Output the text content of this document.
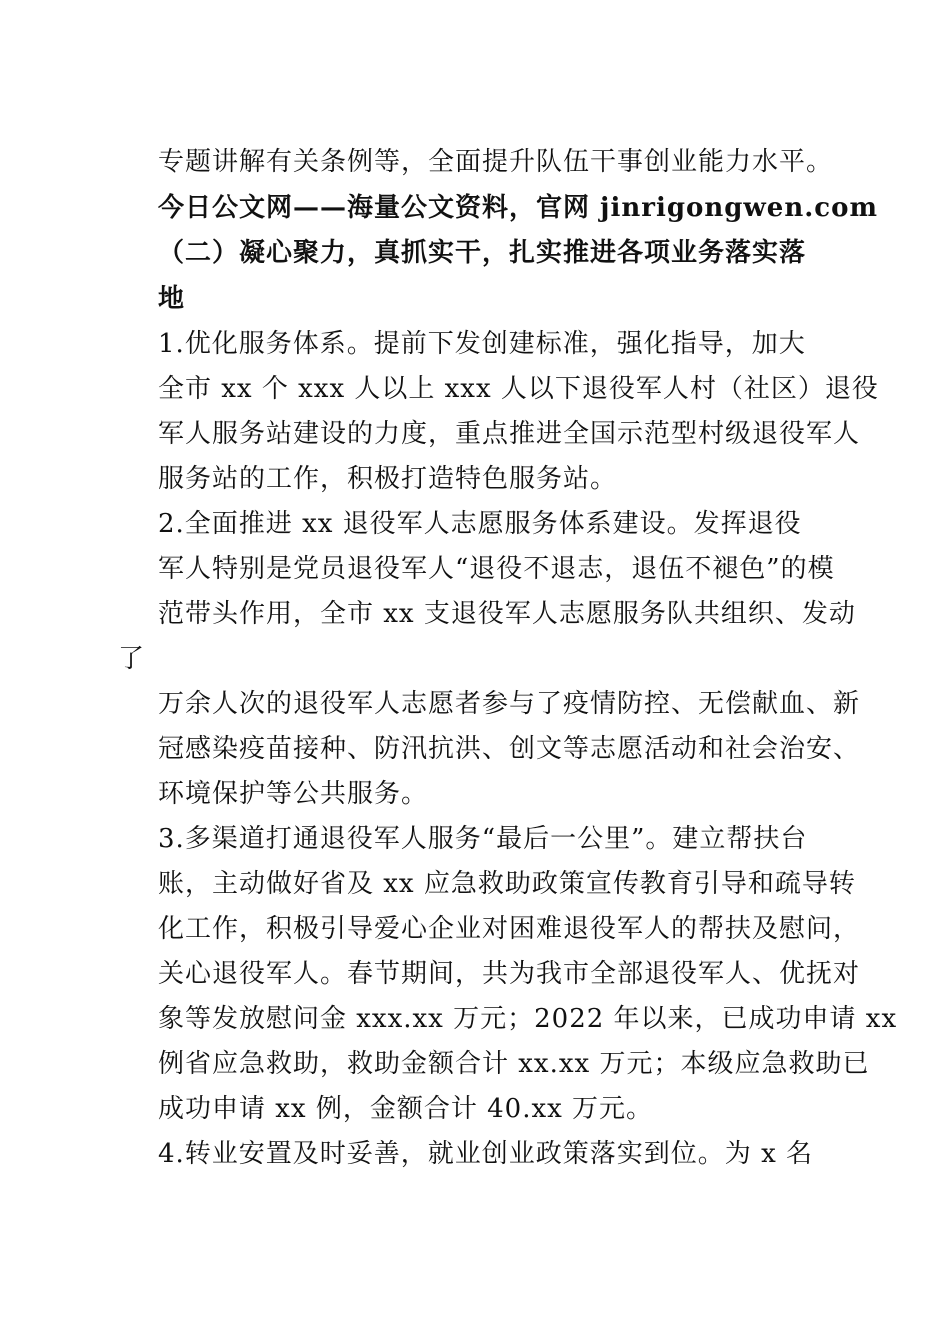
专题讲解有关条例等，全面提升队伍干事创业能力水平。
今日公文网——海量公文资料，官网 jinrigongwen.com
（二）凝心聚力，真抓实干，扎实推进各项业务落实落
地
1.优化服务体系。提前下发创建标准，强化指导，加大
全市 xx 个 xxx 人以上 xxx 人以下退役军人村（社区）退役
军人服务站建设的力度，重点推进全国示范型村级退役军人
服务站的工作，积极打造特色服务站。
2.全面推进 xx 退役军人志愿服务体系建设。发挥退役
军人特别是党员退役军人“退役不退志，退伍不褪色”的模
范带头作用，全市 xx 支退役军人志愿服务队共组织、发动
了
万余人次的退役军人志愿者参与了疫情防控、无偿献血、新
冠感染疫苗接种、防汛抗洪、创文等志愿活动和社会治安、
环境保护等公共服务。
3.多渠道打通退役军人服务“最后一公里”。建立帮扶台
账，主动做好省及 xx 应急救助政策宣传教育引导和疏导转
化工作，积极引导爱心企业对困难退役军人的帮扶及慰问，
关心退役军人。春节期间，共为我市全部退役军人、优抚对
象等发放慰问金 xxx.xx 万元；2022 年以来，已成功申请 xx
例省应急救助，救助金额合计 xx.xx 万元；本级应急救助已
成功申请 xx 例，金额合计 40.xx 万元。
4.转业安置及时妥善，就业创业政策落实到位。为 x 名
